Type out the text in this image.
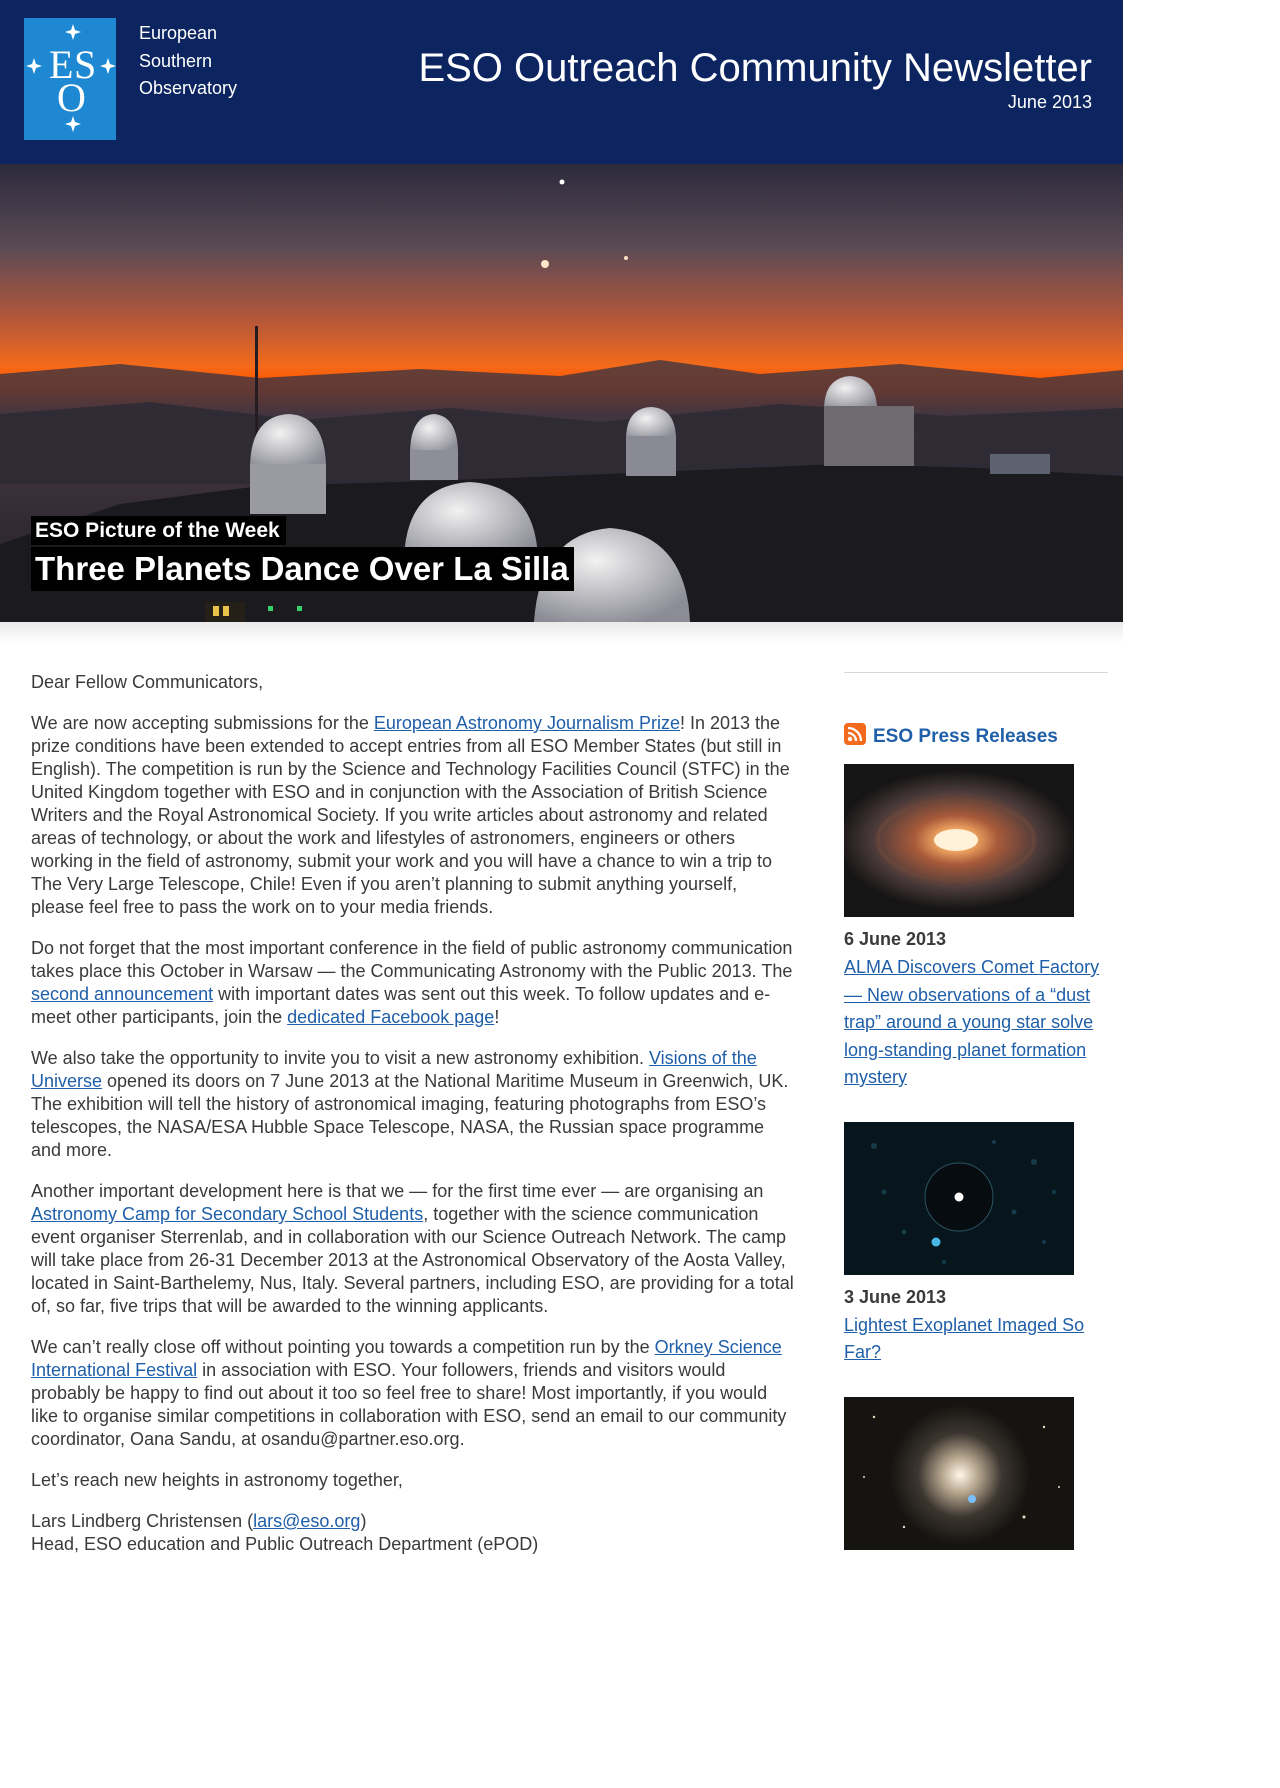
E S
O
European
Southern
Observatory	ESO Outreach Community Newsletter
June 2013
ESO Picture of the Week
Three Planets Dance Over La Silla

Dear Fellow Communicators,

We are now accepting submissions for the European Astronomy Journalism Prize! In 2013 the prize conditions have been extended to accept entries from all ESO Member States (but still in English). The competition is run by the Science and Technology Facilities Council (STFC) in the United Kingdom together with ESO and in conjunction with the Association of British Science Writers and the Royal Astronomical Society. If you write articles about astronomy and related areas of technology, or about the work and lifestyles of astronomers, engineers or others working in the field of astronomy, submit your work and you will have a chance to win a trip to The Very Large Telescope, Chile! Even if you aren’t planning to submit anything yourself, please feel free to pass the work on to your media friends.

Do not forget that the most important conference in the field of public astronomy communication takes place this October in Warsaw — the Communicating Astronomy with the Public 2013. The second announcement with important dates was sent out this week. To follow updates and e-meet other participants, join the dedicated Facebook page!

We also take the opportunity to invite you to visit a new astronomy exhibition. Visions of the Universe opened its doors on 7 June 2013 at the National Maritime Museum in Greenwich, UK. The exhibition will tell the history of astronomical imaging, featuring photographs from ESO’s telescopes, the NASA/ESA Hubble Space Telescope, NASA, the Russian space programme and more.

Another important development here is that we — for the first time ever — are organising an Astronomy Camp for Secondary School Students, together with the science communication event organiser Sterrenlab, and in collaboration with our Science Outreach Network. The camp will take place from 26-31 December 2013 at the Astronomical Observatory of the Aosta Valley, located in Saint-Barthelemy, Nus, Italy. Several partners, including ESO, are providing for a total of, so far, five trips that will be awarded to the winning applicants.

We can’t really close off without pointing you towards a competition run by the Orkney Science International Festival in association with ESO. Your followers, friends and visitors would probably be happy to find out about it too so feel free to share! Most importantly, if you would like to organise similar competitions in collaboration with ESO, send an email to our community coordinator, Oana Sandu, at osandu@partner.eso.org.

Let’s reach new heights in astronomy together,

Lars Lindberg Christensen (lars@eso.org)
Head, ESO education and Public Outreach Department (ePOD)

ESO Press Releases
6 June 2013
ALMA Discovers Comet Factory — New observations of a “dust trap” around a young star solve long-standing planet formation mystery
3 June 2013
Lightest Exoplanet Imaged So Far?
